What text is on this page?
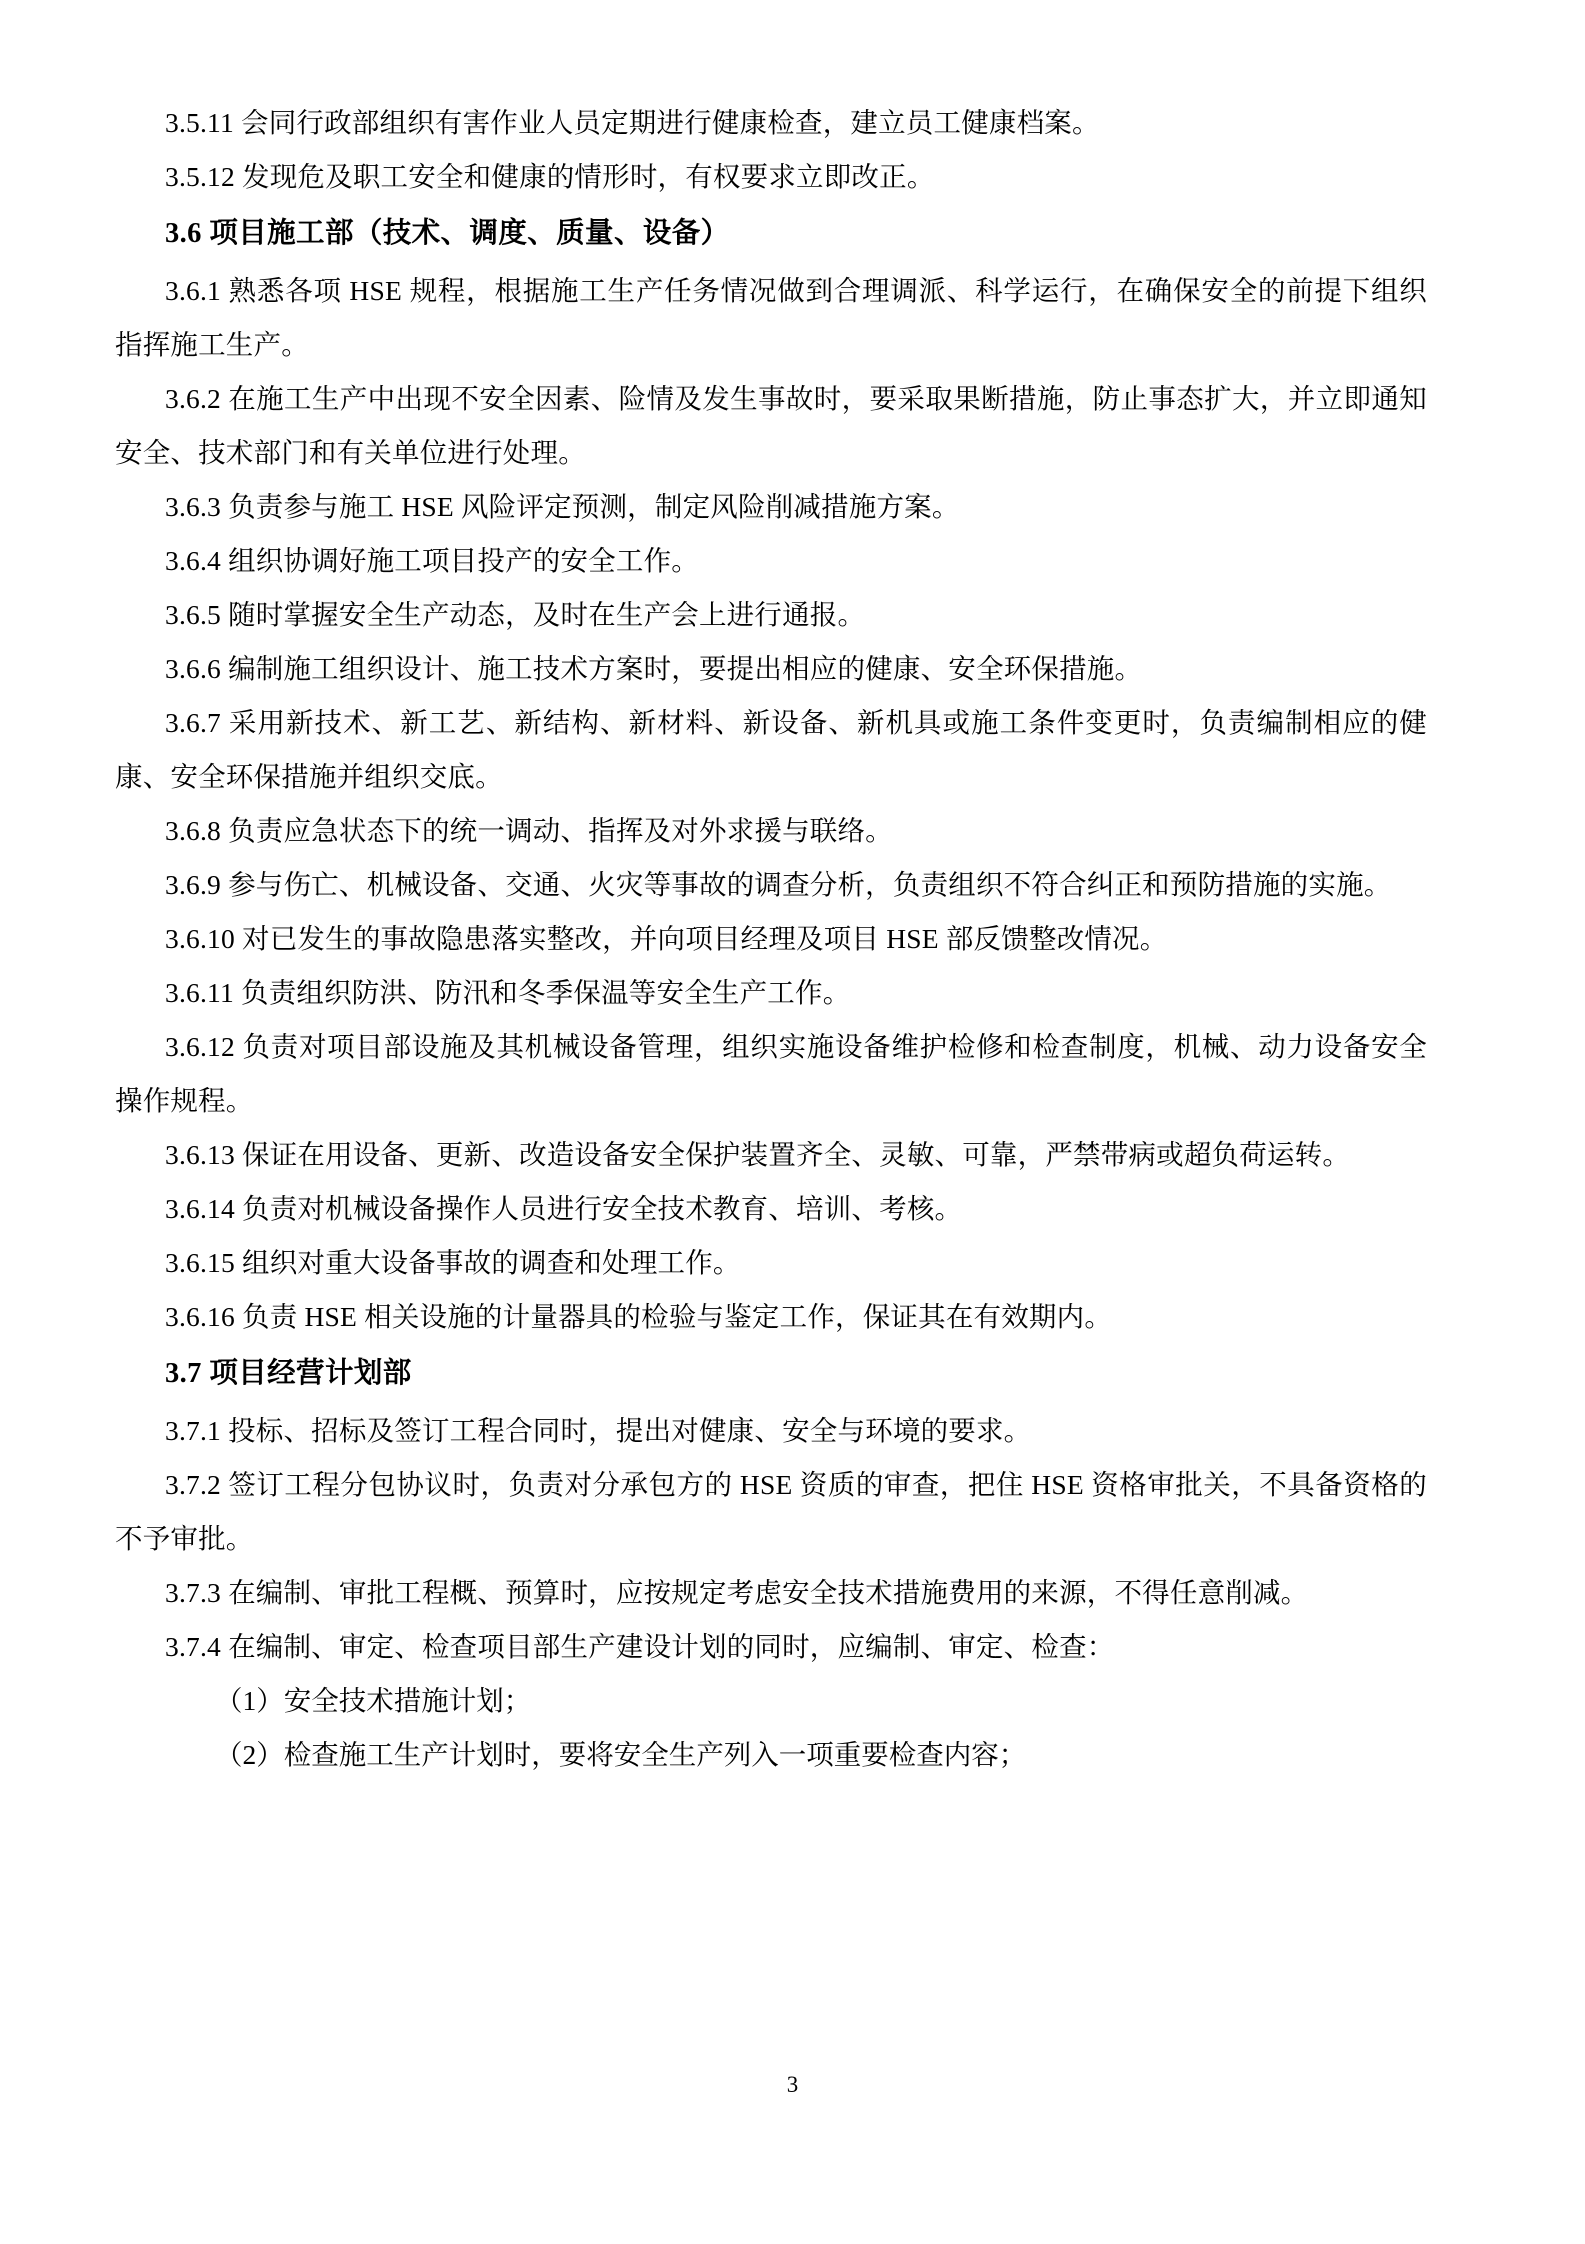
3.5.11 会同行政部组织有害作业人员定期进行健康检查，建立员工健康档案。

3.5.12 发现危及职工安全和健康的情形时，有权要求立即改正。

3.6 项目施工部（技术、调度、质量、设备）

3.6.1 熟悉各项 HSE 规程，根据施工生产任务情况做到合理调派、科学运行，在确保安全的前提下组织指挥施工生产。

3.6.2 在施工生产中出现不安全因素、险情及发生事故时，要采取果断措施，防止事态扩大，并立即通知安全、技术部门和有关单位进行处理。

3.6.3 负责参与施工 HSE 风险评定预测，制定风险削减措施方案。

3.6.4 组织协调好施工项目投产的安全工作。

3.6.5 随时掌握安全生产动态，及时在生产会上进行通报。

3.6.6 编制施工组织设计、施工技术方案时，要提出相应的健康、安全环保措施。

3.6.7 采用新技术、新工艺、新结构、新材料、新设备、新机具或施工条件变更时，负责编制相应的健康、安全环保措施并组织交底。

3.6.8 负责应急状态下的统一调动、指挥及对外求援与联络。

3.6.9 参与伤亡、机械设备、交通、火灾等事故的调查分析，负责组织不符合纠正和预防措施的实施。

3.6.10 对已发生的事故隐患落实整改，并向项目经理及项目 HSE 部反馈整改情况。

3.6.11 负责组织防洪、防汛和冬季保温等安全生产工作。

3.6.12 负责对项目部设施及其机械设备管理，组织实施设备维护检修和检查制度，机械、动力设备安全操作规程。

3.6.13 保证在用设备、更新、改造设备安全保护装置齐全、灵敏、可靠，严禁带病或超负荷运转。

3.6.14 负责对机械设备操作人员进行安全技术教育、培训、考核。

3.6.15 组织对重大设备事故的调查和处理工作。

3.6.16 负责 HSE 相关设施的计量器具的检验与鉴定工作，保证其在有效期内。

3.7 项目经营计划部

3.7.1 投标、招标及签订工程合同时，提出对健康、安全与环境的要求。

3.7.2 签订工程分包协议时，负责对分承包方的 HSE 资质的审查，把住 HSE 资格审批关，不具备资格的不予审批。

3.7.3 在编制、审批工程概、预算时，应按规定考虑安全技术措施费用的来源，不得任意削减。

3.7.4 在编制、审定、检查项目部生产建设计划的同时，应编制、审定、检查：

（1）安全技术措施计划；

（2）检查施工生产计划时，要将安全生产列入一项重要检查内容；

3
